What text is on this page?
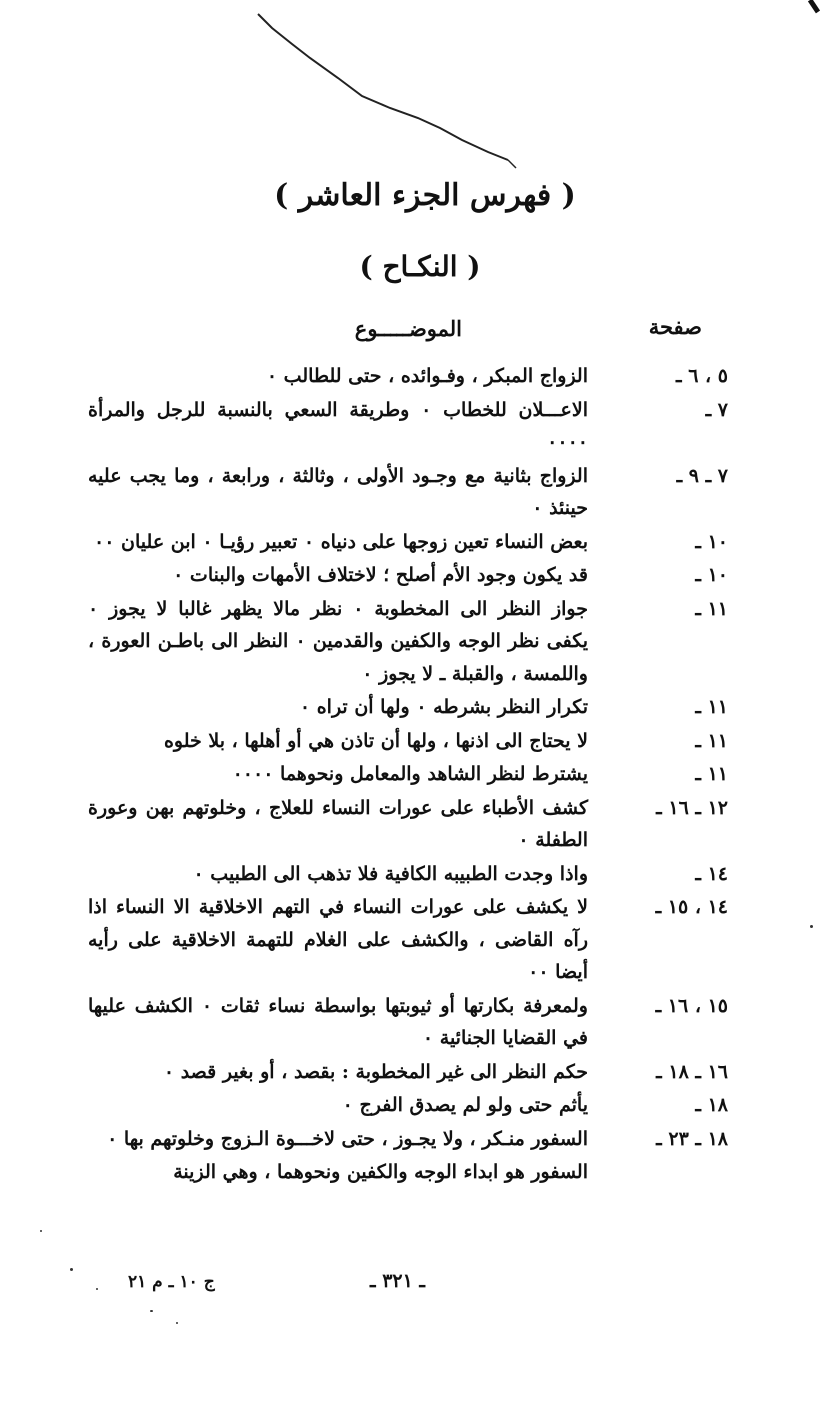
( فهرس الجزء العاشر )
( النكـاح )
صفحة
الموضـــــوع
٥ ، ٦ ـ
الزواج المبكر ، وفـوائده ، حتى للطالب ٠
٧ ـ
الاعـــلان للخطاب ٠ وطريقة السعي بالنسبة للرجل والمرأة ٠٠٠٠
٧ ـ ٩ ـ
الزواج بثانية مع وجـود الأولى ، وثالثة ، ورابعة ، وما يجب عليه حينئذ ٠
١٠ ـ
بعض النساء تعين زوجها على دنياه ٠ تعبير رؤيـا ٠ ابن عليان ٠٠
١٠ ـ
قد يكون وجود الأم أصلح ؛ لاختلاف الأمهات والبنات ٠
١١ ـ
جواز النظر الى المخطوبة ٠ نظر مالا يظهر غالبا لا يجوز ٠ يكفى نظر الوجه والكفين والقدمين ٠ النظر الى باطـن العورة ، واللمسة ، والقبلة ـ لا يجوز ٠
١١ ـ
تكرار النظر بشرطه ٠ ولها أن تراه ٠
١١ ـ
لا يحتاج الى اذنها ، ولها أن تاذن هي أو أهلها ، بلا خلوه
١١ ـ
يشترط لنظر الشاهد والمعامل ونحوهما ٠٠٠٠
١٢ ـ ١٦ ـ
كشف الأطباء على عورات النساء للعلاج ، وخلوتهم بهن وعورة الطفلة ٠
١٤ ـ
واذا وجدت الطبيبه الكافية فلا تذهب الى الطبيب ٠
١٤ ، ١٥ ـ
لا يكشف على عورات النساء في التهم الاخلاقية الا النساء اذا رآه القاضى ، والكشف على الغلام للتهمة الاخلاقية على رأيه أيضا ٠٠
١٥ ، ١٦ ـ
ولمعرفة بكارتها أو ثيوبتها بواسطة نساء ثقات ٠ الكشف عليها في القضايا الجنائية ٠
١٦ ـ ١٨ ـ
حكم النظر الى غير المخطوبة : بقصد ، أو بغير قصد ٠
١٨ ـ
يأثم حتى ولو لم يصدق الفرج ٠
١٨ ـ ٢٣ ـ
السفور منـكر ، ولا يجـوز ، حتى لاخـــوة الـزوج وخلوتهم بها ٠
السفور هو ابداء الوجه والكفين ونحوهما ، وهي الزينة
ـ ٣٢١ ـ
ج ١٠ ـ م ٢١
